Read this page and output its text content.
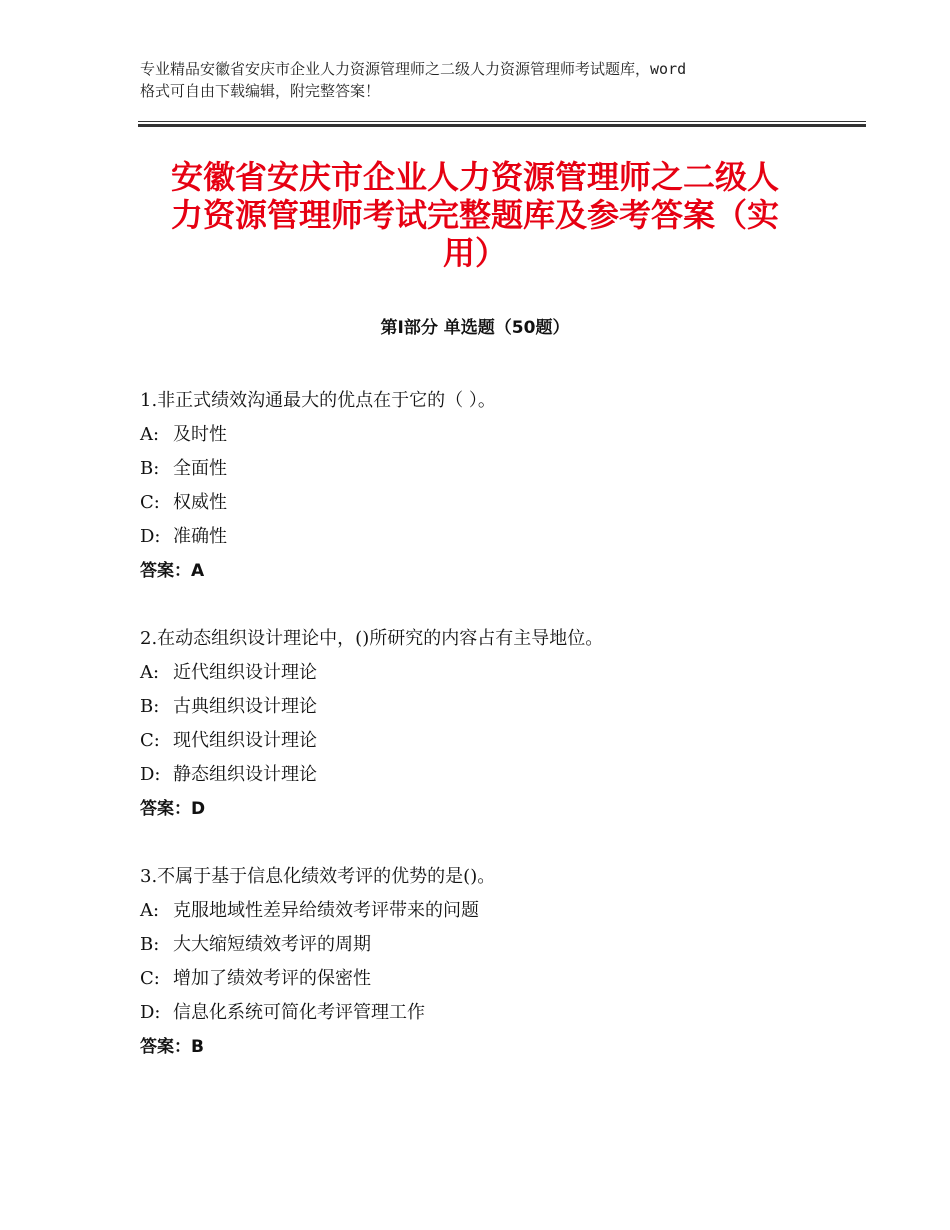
专业精品安徽省安庆市企业人力资源管理师之二级人力资源管理师考试题库，word
格式可自由下载编辑，附完整答案！
安徽省安庆市企业人力资源管理师之二级人
力资源管理师考试完整题库及参考答案（实
用）
第Ⅰ部分 单选题（50题）
1.非正式绩效沟通最大的优点在于它的（ ）。
A: 及时性
B: 全面性
C: 权威性
D: 准确性
答案：A
2.在动态组织设计理论中，()所研究的内容占有主导地位。
A: 近代组织设计理论
B: 古典组织设计理论
C: 现代组织设计理论
D: 静态组织设计理论
答案：D
3.不属于基于信息化绩效考评的优势的是()。
A: 克服地域性差异给绩效考评带来的问题
B: 大大缩短绩效考评的周期
C: 增加了绩效考评的保密性
D: 信息化系统可简化考评管理工作
答案：B
